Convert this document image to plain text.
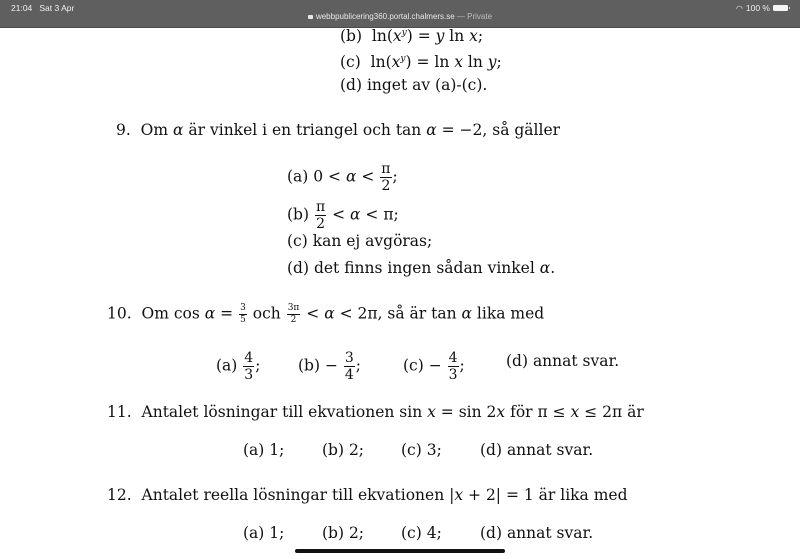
21:04 Sat 3 Apr	◠ 100 %
webbpublicering360.portal.chalmers.se — Private
(b)  $\ln(x^y) = y$ ln x;
(c)  $\ln(x^y) = \ln x$ ln y;
(d) inget av (a)-(c).
9. Om α är vinkel i en triangel och tan α = −2, så gäller
(a) $0 < \alpha < \frac{\pi}{2}$ ;
$(b) \frac{\pi}{2} < \alpha < \pi$;
(c) kan ej avgöras;
(d) det finns ingen sådan vinkel α.
10. Om $\cos \alpha = \frac{3}{5}$ och $\frac{3\pi}{2} < \alpha < 2\pi$, så är tan α lika med
$(a) \frac{4}{3}$ ; $(b) - \frac{3}{4}$ ;	$(c) - \frac{4}{3}$ ;	(d) annat svar.
11. Antalet lösningar till ekvationen sin x = sin 2x för π ≤ x ≤ 2π är
(a) 1; (b) 2; (c) 3; (d) annat svar.
12. Antalet reella lösningar till ekvationen |x + 2| = 1 är lika med
(a) 1; (b) 2; (c) 4; (d) annat svar.
